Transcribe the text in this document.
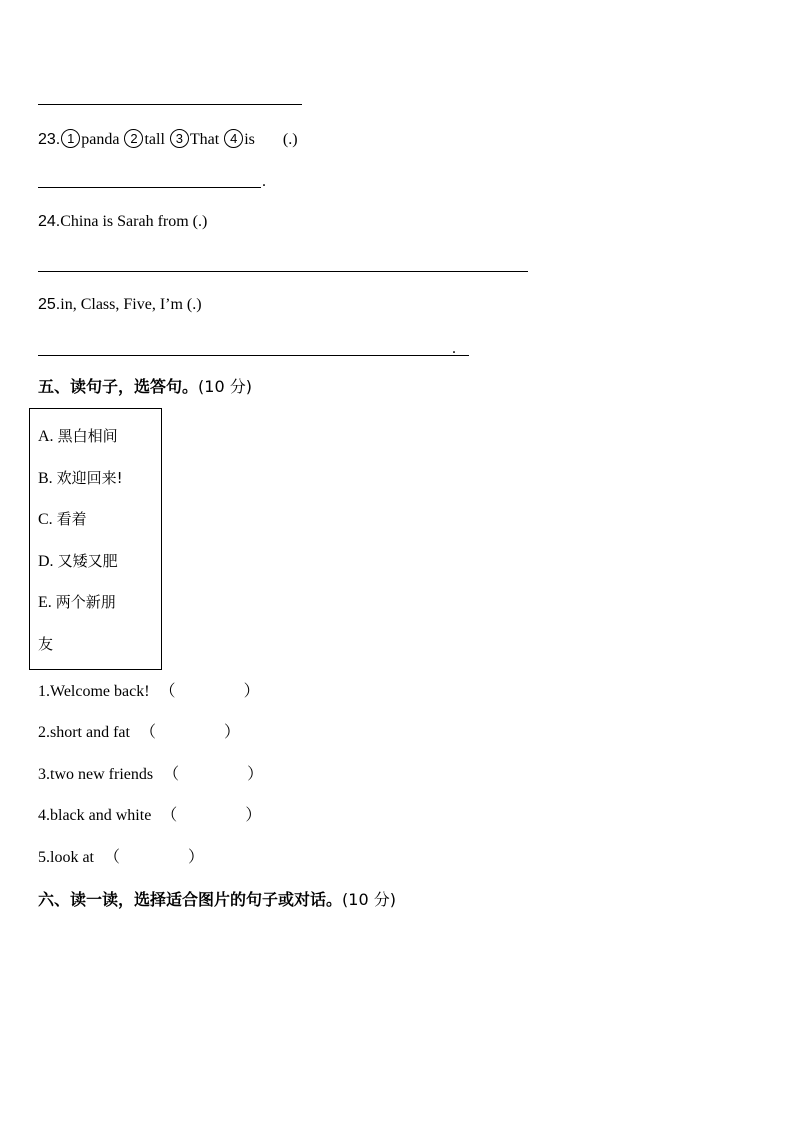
23. 1 panda 2 tall 3 That 4 is (.)
.
24.China is Sarah from (.)
25.in, Class, Five, I’m (.)
.
五、读句子，选答句。(10 分)
A. 黑白相间
B. 欢迎回来!
C. 看着
D. 又矮又肥
E. 两个新朋
友
1.Welcome back! （	）
2.short and fat （	）
3.two new friends （	）
4.black and white （	）
5.look at （	）
六、读一读，选择适合图片的句子或对话。(10 分)
